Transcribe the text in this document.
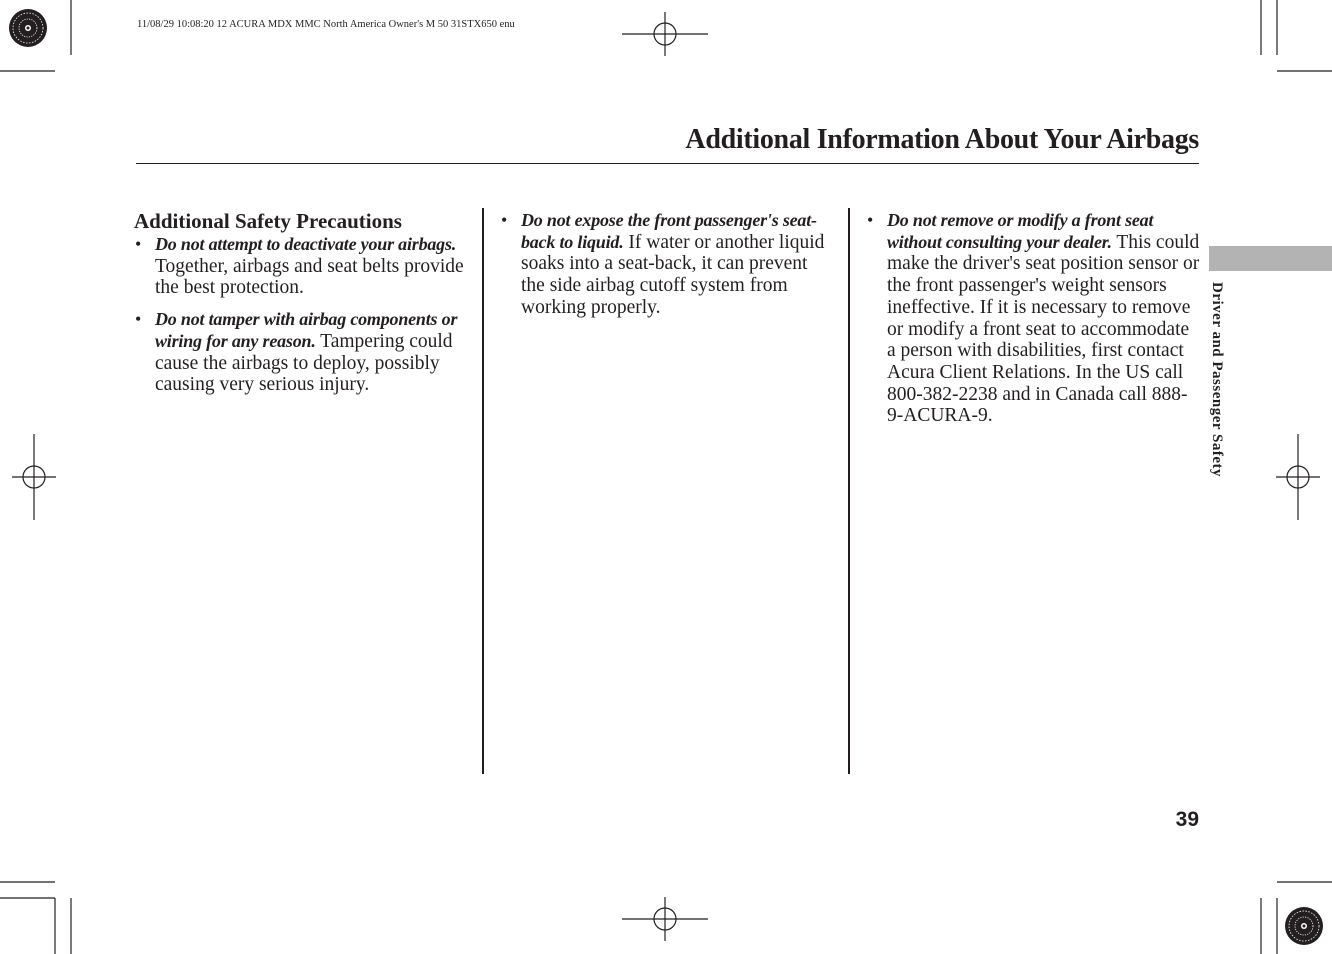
11/08/29 10:08:20 12 ACURA MDX MMC North America Owner's M 50 31STX650 enu
Additional Information About Your Airbags
Additional Safety Precautions
• Do not attempt to deactivate your airbags. Together, airbags and seat belts provide the best protection.
• Do not tamper with airbag components or wiring for any reason. Tampering could cause the airbags to deploy, possibly causing very serious injury.
• Do not expose the front passenger's seat-back to liquid. If water or another liquid soaks into a seat-back, it can prevent the side airbag cutoff system from working properly.
• Do not remove or modify a front seat without consulting your dealer. This could make the driver's seat position sensor or the front passenger's weight sensors ineffective. If it is necessary to remove or modify a front seat to accommodate a person with disabilities, first contact Acura Client Relations. In the US call 800-382-2238 and in Canada call 888-9-ACURA-9.	Driver and Passenger Safety
39
